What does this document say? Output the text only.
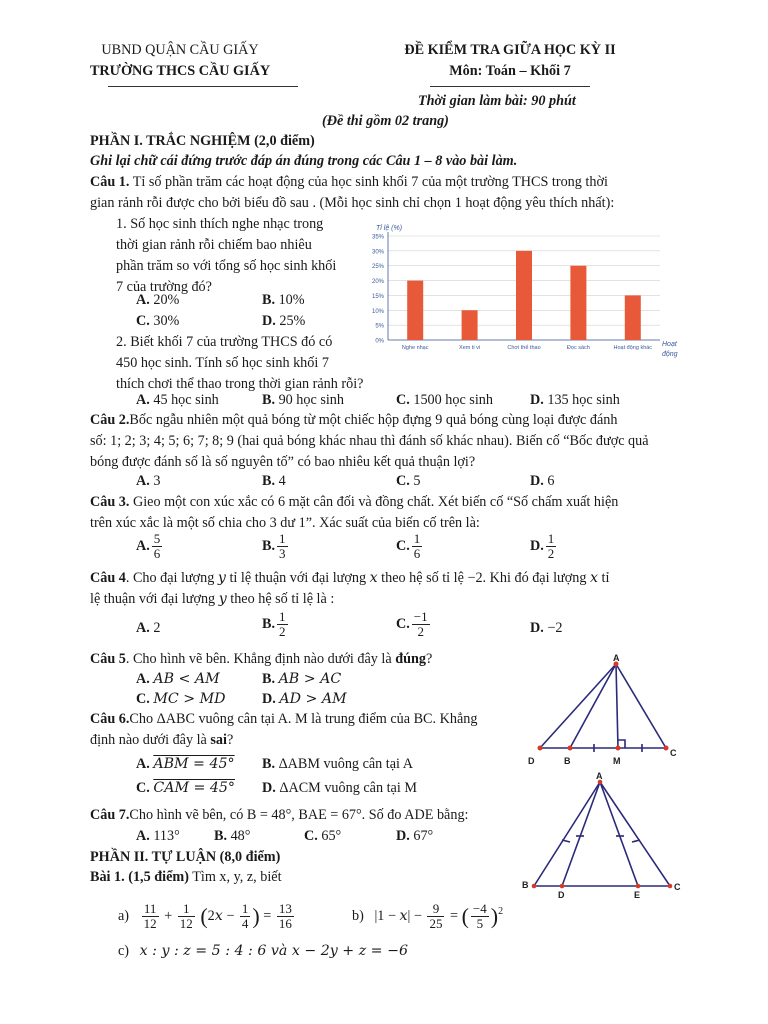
UBND QUẬN CẦU GIẤY
TRƯỜNG THCS CẦU GIẤY
ĐỀ KIỂM TRA GIỮA HỌC KỲ II
Môn: Toán – Khối 7
Thời gian làm bài: 90 phút
(Đề thi gồm 02 trang)
PHẦN I. TRẮC NGHIỆM (2,0 điểm)
Ghi lại chữ cái đứng trước đáp án đúng trong các Câu 1 – 8 vào bài làm.
Câu 1. Tỉ số phần trăm các hoạt động của học sinh khối 7 của một trường THCS trong thời
gian rảnh rỗi được cho bởi biểu đồ sau . (Mỗi học sinh chỉ chọn 1 hoạt động yêu thích nhất):
1. Số học sinh thích nghe nhạc trong
thời gian rảnh rỗi chiếm bao nhiêu
phần trăm so với tổng số học sinh khối
7 của trường đó?
A. 20%	B. 10%
C. 30%	D. 25%
2. Biết khối 7 của trường THCS đó có
450 học sinh. Tính số học sinh khối 7
thích chơi thể thao trong thời gian rảnh rỗi?
A. 45 học sinh	B. 90 học sinh	C. 1500 học sinh	D. 135 học sinh
Tỉ lệ (%)
Hoạt
động
0%
5%
10%
15%
20%
25%
30%
35%
Nghe nhạc	Xem ti vi	Chơi thể thao	Đọc sách	Hoạt động khác
Câu 2.Bốc ngẫu nhiên một quả bóng từ một chiếc hộp đựng 9 quả bóng cùng loại được đánh
số: 1; 2; 3; 4; 5; 6; 7; 8; 9 (hai quả bóng khác nhau thì đánh số khác nhau). Biến cố “Bốc được quả
bóng được đánh số là số nguyên tố” có bao nhiêu kết quả thuận lợi?
A. 3	B. 4	C. 5	D. 6
Câu 3. Gieo một con xúc xắc có 6 mặt cân đối và đồng chất. Xét biến cố “Số chấm xuất hiện
trên xúc xắc là một số chia cho 3 dư 1”. Xác suất của biến cố trên là:
A. $\frac{5}{6}$	B. $\frac{1}{3}$	C. $\frac{1}{6}$	D. $\frac{1}{2}$
Câu 4. Cho đại lượng y tỉ lệ thuận với đại lượng x theo hệ số tỉ lệ −2. Khi đó đại lượng x tỉ
lệ thuận với đại lượng y theo hệ số tỉ lệ là :
A. 2	B. $\frac{1}{2}$	C. $\frac{-1}{2}$	D. −2
Câu 5. Cho hình vẽ bên. Khẳng định nào dưới đây là đúng?
A. AB < AM	B. AB > AC
C. MC > MD	D. AD > AM
Câu 6.Cho ΔABC vuông cân tại A. M là trung điểm của BC. Khẳng
định nào dưới đây là sai?
A. ABM = 45° B. ΔABM vuông cân tại A
C. CAM = 45° D. ΔACM vuông cân tại M
Câu 7.Cho hình vẽ bên, có B = 48°, BAE = 67°. Số đo ADE bằng:
A. 113° B. 48°	C. 65°	D. 67°
PHẦN II. TỰ LUẬN (8,0 điểm)
Bài 1. (1,5 điểm) Tìm x, y, z, biết
$a) \frac{11}{12} + \frac{1}{12} (2x - \frac{1}{4}$ ) = $\frac{13}{16}$	b)   $|1 - x| - \frac{9}{25}$ = ( $\frac{-4}{5} )^2$
c) x : y : z = 5 : 4 : 6 và x − 2y + z = −6
A
D	B	M
C
A
B
D	E
C
